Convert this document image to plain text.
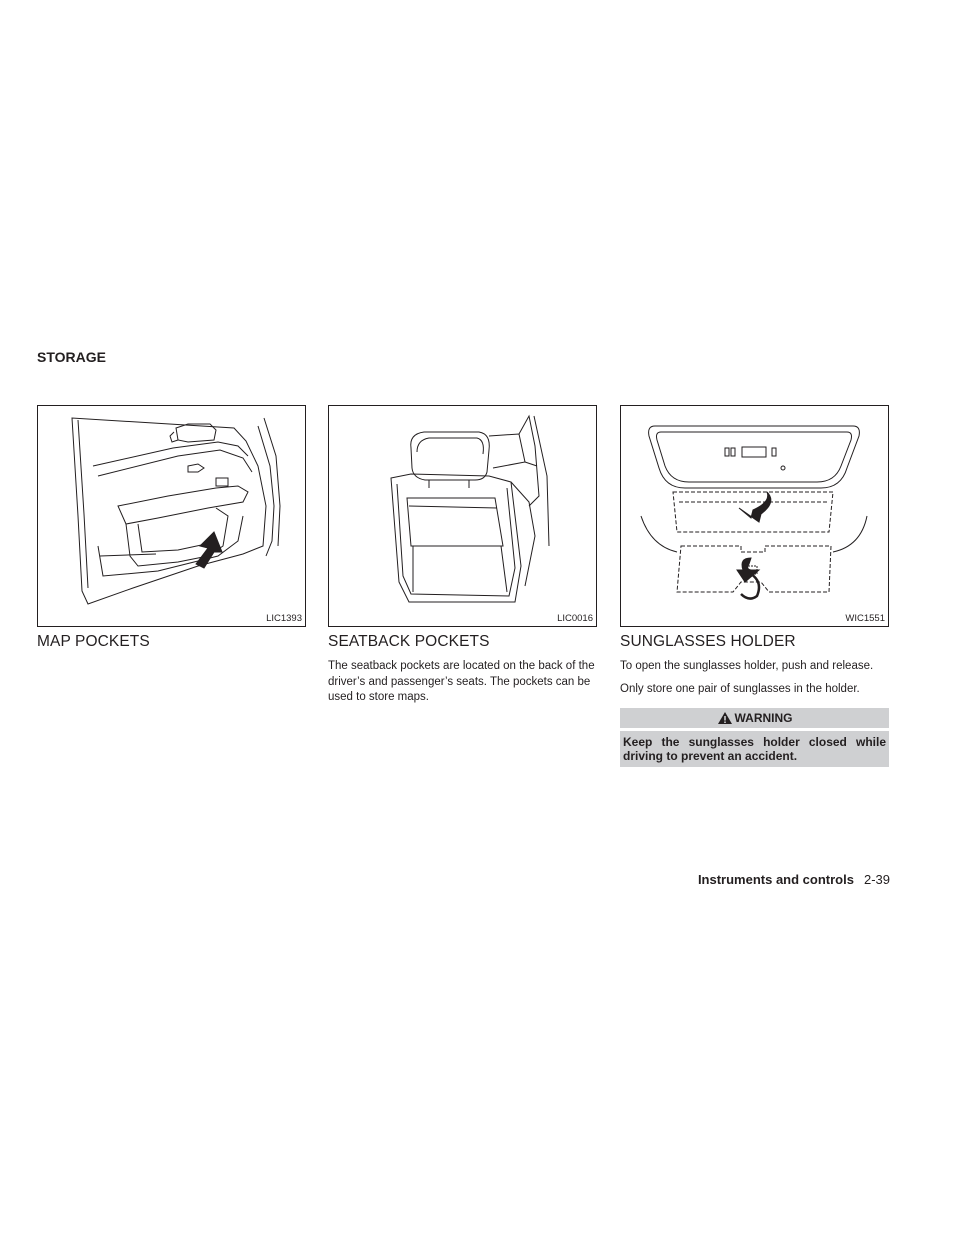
STORAGE
LIC1393
MAP POCKETS
LIC0016
SEATBACK POCKETS

The seatback pockets are located on the back of the driver’s and passenger’s seats. The pockets can be used to store maps.

WIC1551
SUNGLASSES HOLDER

To open the sunglasses holder, push and release.

Only store one pair of sunglasses in the holder.

WARNING
Keep the sunglasses holder closed while driving to prevent an accident.
Instruments and controls 2-39
